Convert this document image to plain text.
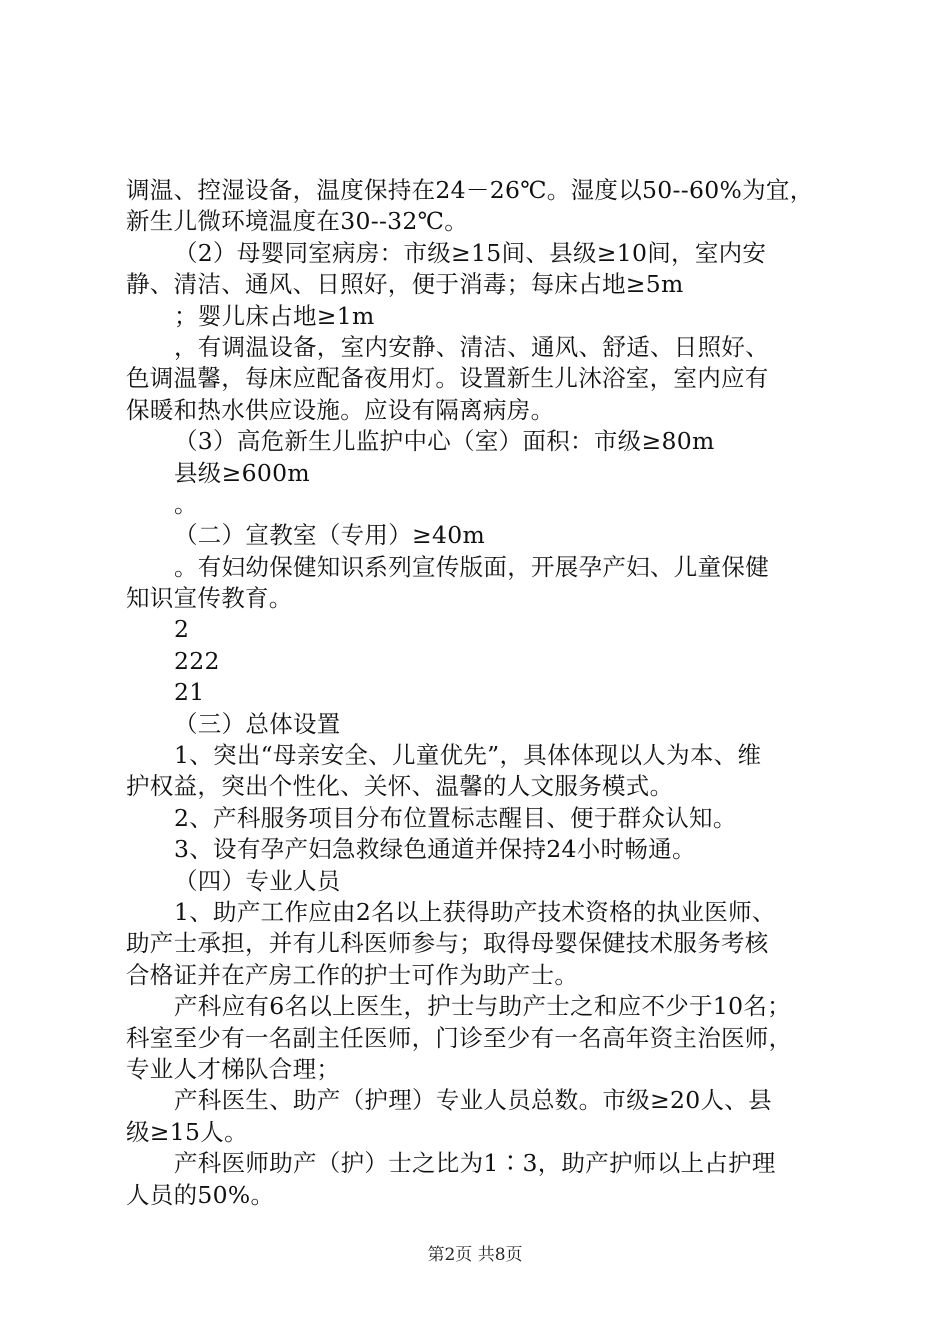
调温、控湿设备，温度保持在24－26℃。湿度以50--60%为宜，
新生儿微环境温度在30--32℃。
（2）母婴同室病房：市级≥15间、县级≥10间，室内安
静、清洁、通风、日照好，便于消毒；每床占地≥5m
；婴儿床占地≥1m
，有调温设备，室内安静、清洁、通风、舒适、日照好、
色调温馨，每床应配备夜用灯。设置新生儿沐浴室，室内应有
保暖和热水供应设施。应设有隔离病房。
（3）高危新生儿监护中心（室）面积：市级≥80m
县级≥600m
。
（二）宣教室（专用）≥40m
。有妇幼保健知识系列宣传版面，开展孕产妇、儿童保健
知识宣传教育。
2
222
21
（三）总体设置
1、突出“母亲安全、儿童优先”，具体体现以人为本、维
护权益，突出个性化、关怀、温馨的人文服务模式。
2、产科服务项目分布位置标志醒目、便于群众认知。
3、设有孕产妇急救绿色通道并保持24小时畅通。
（四）专业人员
1、助产工作应由2名以上获得助产技术资格的执业医师、
助产士承担，并有儿科医师参与；取得母婴保健技术服务考核
合格证并在产房工作的护士可作为助产士。
产科应有6名以上医生，护士与助产士之和应不少于10名；
科室至少有一名副主任医师，门诊至少有一名高年资主治医师，
专业人才梯队合理；
产科医生、助产（护理）专业人员总数。市级≥20人、县
级≥15人。
产科医师助产（护）士之比为1∶3，助产护师以上占护理
人员的50%。
第2页 共8页
